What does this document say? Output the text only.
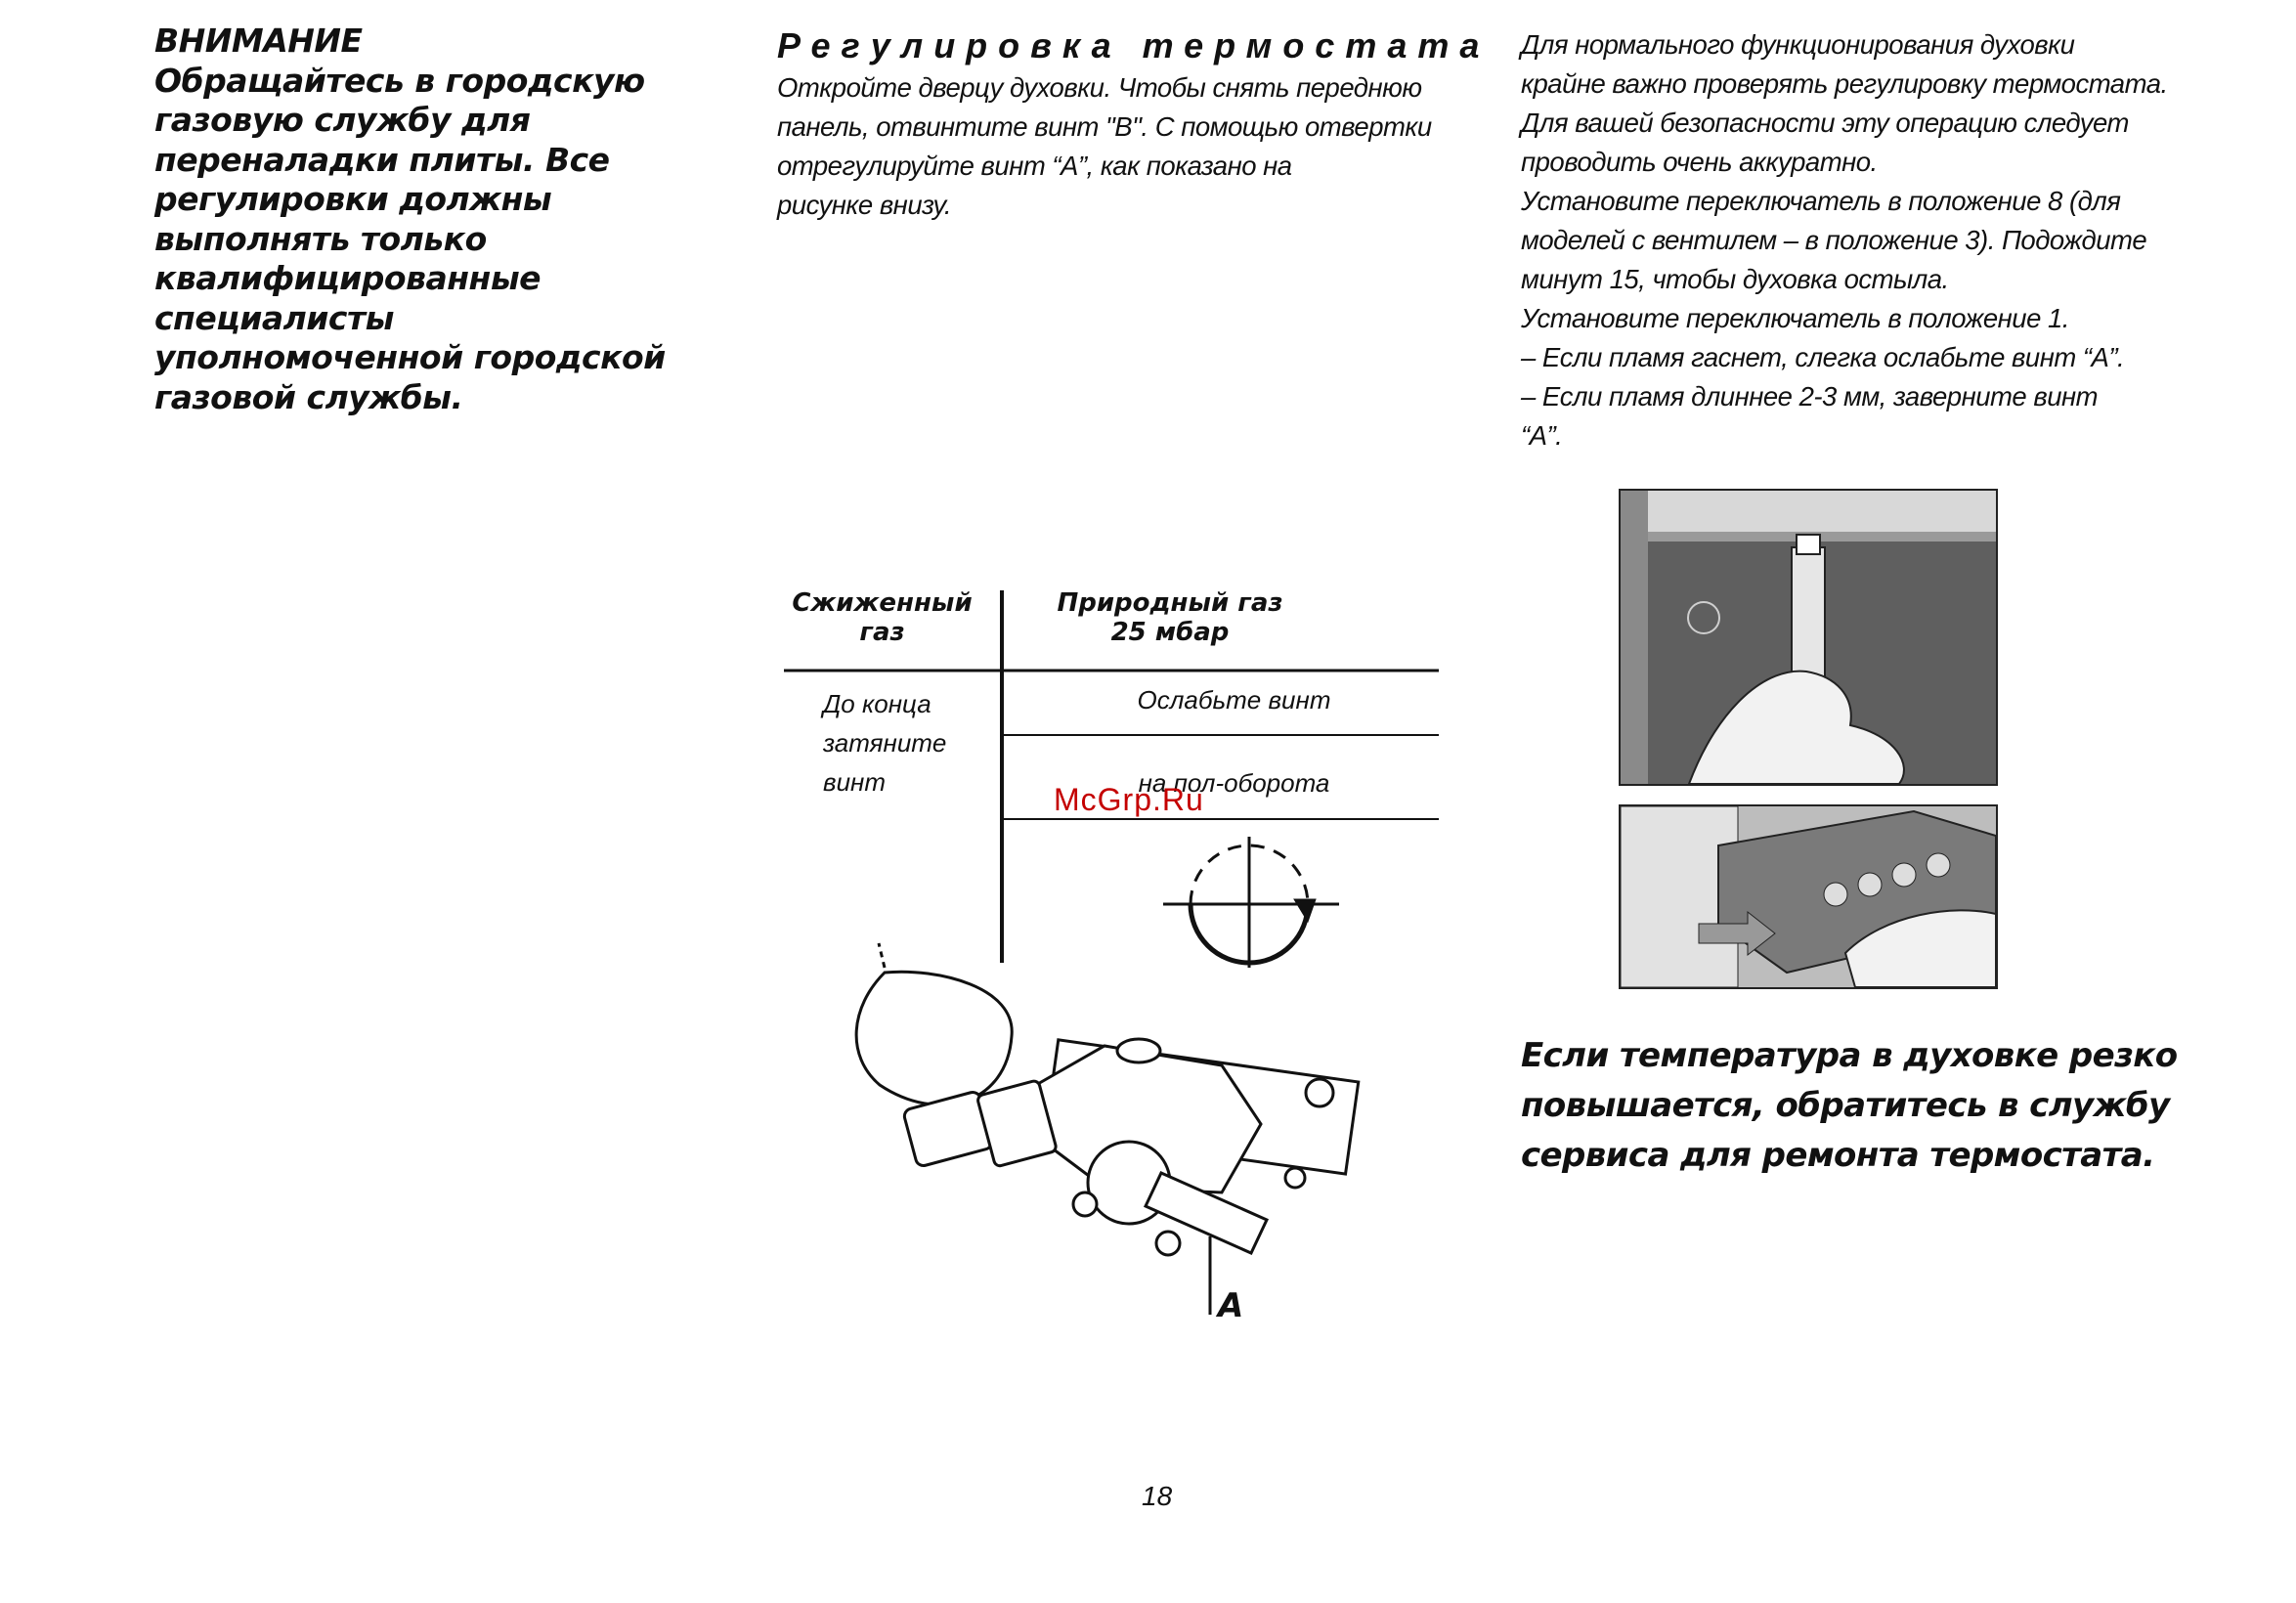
ВНИМАНИЕ
Обращайтесь в городскую
газовую службу для
переналадки плиты. Все
регулировки должны
выполнять только
квалифицированные
специалисты
уполномоченной городской
газовой службы.
Регулировка термостата
Откройте дверцу духовки. Чтобы снять переднюю
панель, отвинтите винт "B". С помощью отвертки
отрегулируйте винт “A”, как показано на
рисунке внизу.

Для нормального функционирования духовки

крайне важно проверять регулировку термостата.

Для вашей безопасности эту операцию следует

проводить очень аккуратно.

Установите переключатель в положение 8 (для

моделей с вентилем – в положение 3). Подождите

минут 15, чтобы духовка остыла.

Установите переключатель в положение 1.

– Если пламя гаснет, слегка ослабьте винт “A”.

– Если пламя длиннее 2-3 мм, заверните винт

“A”.

Сжиженный
газ
Природный газ
25 мбар
До конца
затяните
винт
Ослабьте винт
на пол-оборота
McGrp.Ru
A
Если температура в духовке резко
повышается, обратитесь в службу
сервиса для ремонта термостата.
18
